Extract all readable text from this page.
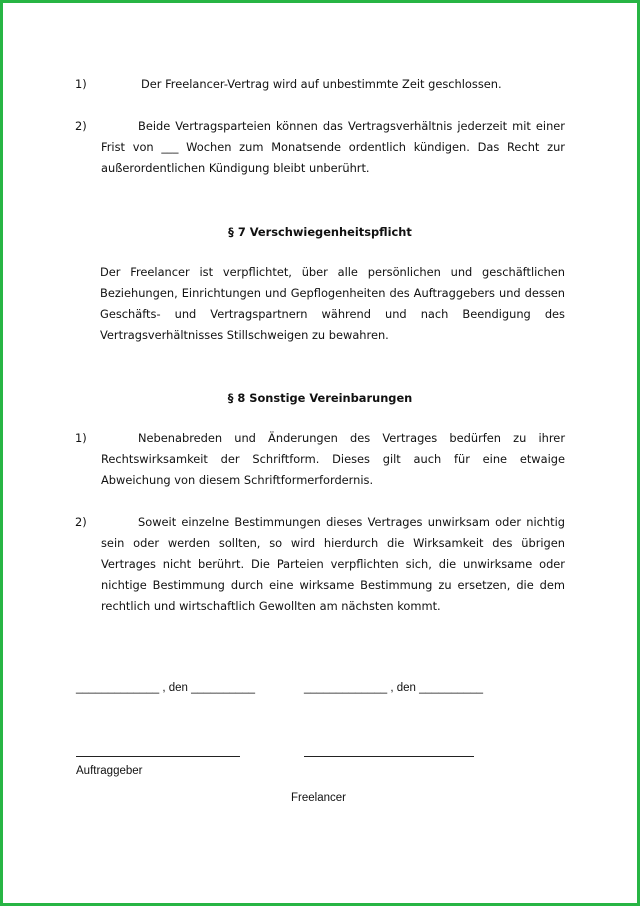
1)	Der Freelancer-Vertrag wird auf unbestimmte Zeit geschlossen.

2)	Beide Vertragsparteien können das Vertragsverhältnis jederzeit mit einer Frist von ___ Wochen zum Monatsende ordentlich kündigen. Das Recht zur außerordentlichen Kündigung bleibt unberührt.

§ 7 Verschwiegenheitspflicht

Der Freelancer ist verpflichtet, über alle persönlichen und geschäftlichen Beziehungen, Einrichtungen und Gepflogenheiten des Auftraggebers und dessen Geschäfts- und Vertragspartnern während und nach Beendigung des Vertragsverhältnisses Stillschweigen zu bewahren.

§ 8 Sonstige Vereinbarungen
1)	Nebenabreden und Änderungen des Vertrages bedürfen zu ihrer Rechtswirksamkeit der Schriftform. Dieses gilt auch für eine etwaige Abweichung von diesem Schriftformerfordernis.

2)	Soweit einzelne Bestimmungen dieses Vertrages unwirksam oder nichtig sein oder werden sollten, so wird hierdurch die Wirksamkeit des übrigen Vertrages nicht berührt. Die Parteien verpflichten sich, die unwirksame oder nichtige Bestimmung durch eine wirksame Bestimmung zu ersetzen, die dem rechtlich und wirtschaftlich Gewollten am nächsten kommt.

_____________ , den __________	_____________ , den __________
Auftraggeber
Freelancer
